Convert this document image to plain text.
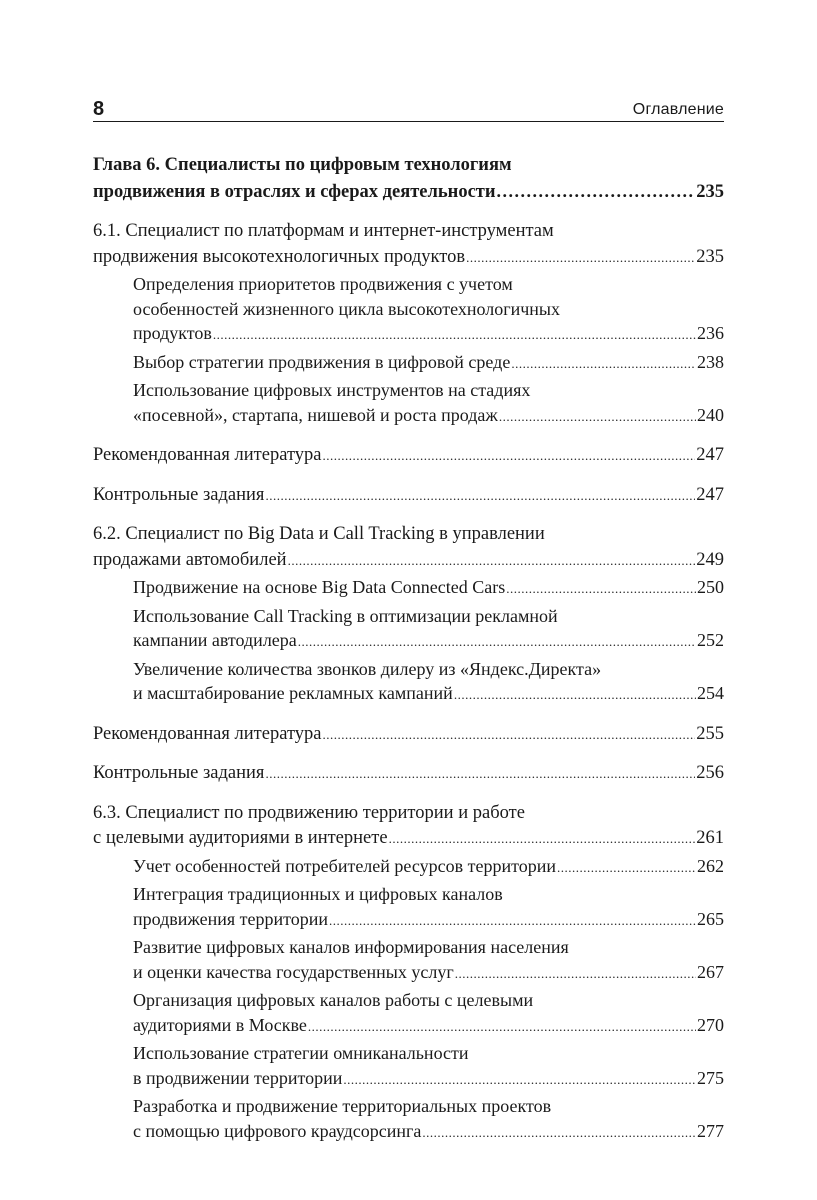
8	Оглавление
Глава 6. Специалисты по цифровым технологиям
продвижения в отраслях и сферах деятельности .....	235
6.1. Специалист по платформам и интернет-инструментам
продвижения высокотехнологичных продуктов .....	235
Определения приоритетов продвижения с учетом
особенностей жизненного цикла высокотехнологичных
продуктов .....	236
Выбор стратегии продвижения в цифровой среде .....	238
Использование цифровых инструментов на стадиях
«посевной», стартапа, нишевой и роста продаж .....	240
Рекомендованная литература .....	247
Контрольные задания .....	247
6.2. Специалист по Big Data и Call Tracking в управлении
продажами автомобилей .....	249
Продвижение на основе Big Data Connected Cars .....	250
Использование Call Tracking в оптимизации рекламной
кампании автодилера .....	252
Увеличение количества звонков дилеру из «Яндекс.Директа»
и масштабирование рекламных кампаний .....	254
Рекомендованная литература .....	255
Контрольные задания .....	256
6.3. Специалист по продвижению территории и работе
с целевыми аудиториями в интернете .....	261
Учет особенностей потребителей ресурсов территории .....	262
Интеграция традиционных и цифровых каналов
продвижения территории .....	265
Развитие цифровых каналов информирования населения
и оценки качества государственных услуг .....	267
Организация цифровых каналов работы с целевыми
аудиториями в Москве .....	270
Использование стратегии омниканальности
в продвижении территории .....	275
Разработка и продвижение территориальных проектов
с помощью цифрового краудсорсинга .....	277
